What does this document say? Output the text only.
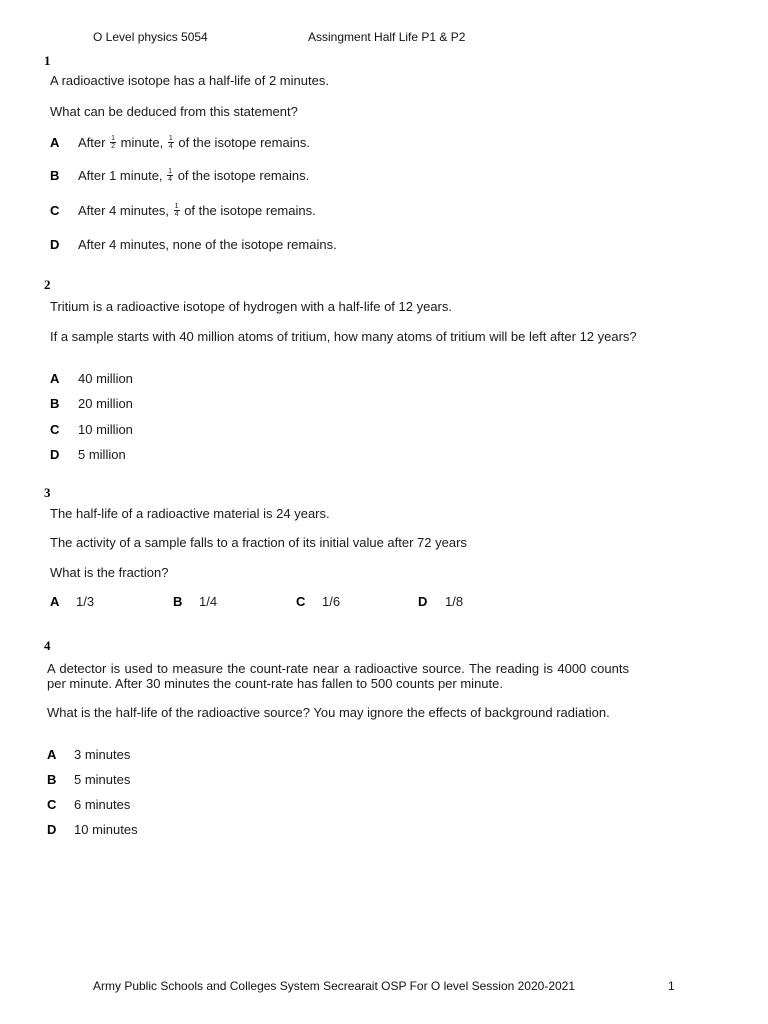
O Level physics 5054	Assingment Half Life P1 & P2
1
A radioactive isotope has a half-life of 2 minutes.
What can be deduced from this statement?
A After $\frac{1}{2}$ minute, $\frac{1}{4}$ of the isotope remains.
B After 1 minute, $\frac{1}{4}$ of the isotope remains.
C After 4 minutes, $\frac{1}{4}$ of the isotope remains.
D After 4 minutes, none of the isotope remains.
2
Tritium is a radioactive isotope of hydrogen with a half-life of 12 years.
If a sample starts with 40 million atoms of tritium, how many atoms of tritium will be left after 12 years?
A 40 million
B 20 million
C 10 million
D 5 million
3
The half-life of a radioactive material is 24 years.
The activity of a sample falls to a fraction of its initial value after 72 years
What is the fraction?
A 1/3	B 1/4	C 1/6	D 1/8
4
A detector is used to measure the count-rate near a radioactive source. The reading is 4000 counts per minute. After 30 minutes the count-rate has fallen to 500 counts per minute.
What is the half-life of the radioactive source? You may ignore the effects of background radiation.
A 3 minutes
B 5 minutes
C 6 minutes
D 10 minutes
Army Public Schools and Colleges System Secrearait OSP For O level Session 2020-2021	1
